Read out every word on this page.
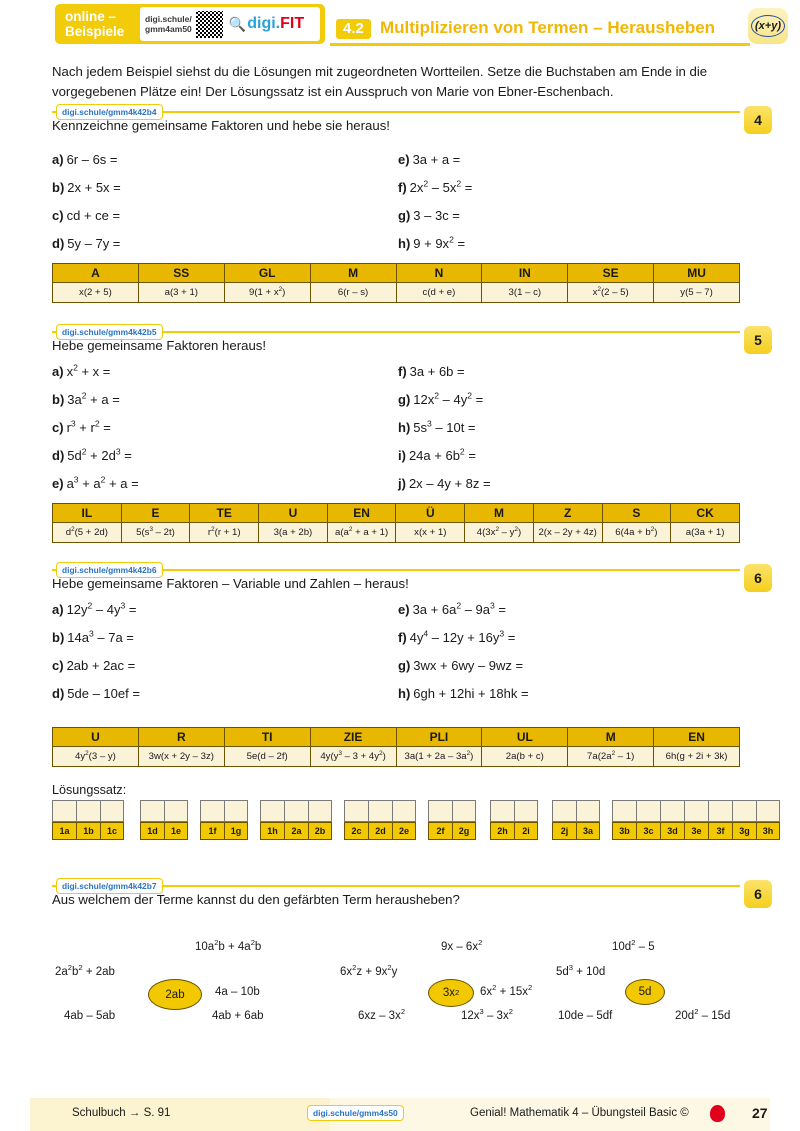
online –
Beispiele
digi.schule/
gmm4am50	🔍 digi. FIT	4.2 Multiplizieren von Termen – Herausheben	(x+y)
Nach jedem Beispiel siehst du die Lösungen mit zugeordneten Wortteilen. Setze die Buchstaben am Ende in die vorgegebenen Plätze ein! Der Lösungssatz ist ein Ausspruch von Marie von Ebner-Eschenbach.
digi.schule/gmm4k42b4
Kennzeichne gemeinsame Faktoren und hebe sie heraus!	4
a) 6r – 6s =
b) 2x + 5x =
c) cd + ce =
d) 5y – 7y =
e) 3a + a =
f) $2x^2 - 5x^2$ =
g) 3 – 3c =
h) $9 + 9x^2$ =
A	SS	GL	M	N	IN	SE	MU
x(2 + 5)	a(3 + 1)	$9(1 + x^2)$	6(r – s)	c(d + e)	3(1 – c)	$x^2(2 - 5)$	y(5 – 7)
digi.schule/gmm4k42b5
Hebe gemeinsame Faktoren heraus!	5
a) $x^2 + x$ =
b) $3a^2 + a$ =
c) $r^3 + r^2$ =
d) $5d^2 + 2d^3$ =
e) $a^3 + a^2 + a$ =
f) 3a + 6b =
g) $12x^2 - 4y^2$ =
h) $5s^3 - 10t$ =
i) $24a + 6b^2$ =
j) 2x – 4y + 8z =
IL	E	TE	U	EN	Ü	M	Z	S	CK
$d^2(5 + 2d)$	$5(s^3 - 2t)$	$r^2(r + 1)$	3(a + 2b)	$a(a^2 + a + 1)$	x(x + 1)	$4(3x^2 - y^2)$	2(x – 2y + 4z)	$6(4a + b^2)$	a(3a + 1)
digi.schule/gmm4k42b6
Hebe gemeinsame Faktoren – Variable und Zahlen – heraus!	6
a) $12y^2 - 4y^3$ =
b) $14a^3 - 7a$ =
c) 2ab + 2ac =
d) 5de – 10ef =
e) $3a + 6a^2 - 9a^3$ =
f) $4y^4 - 12y + 16y^3$ =
g) 3wx + 6wy – 9wz =
h) 6gh + 12hi + 18hk =
U	R	TI	ZIE	PLI	UL	M	EN
$4y^2(3 - y)$	3w(x + 2y – 3z)	5e(d – 2f)	$4y(y^3 - 3 + 4y^2)$	$3a(1 + 2a - 3a^2)$	2a(b + c)	$7a(2a^2 - 1)$	6h(g + 2i + 3k)
Lösungssatz:
1a	1b	1c	1d	1e	1f	1g	1h	2a	2b	2c	2d	2e	2f	2g	2h	2i	2j	3a	3b	3c	3d	3e	3f	3g	3h
digi.schule/gmm4k42b7
Aus welchem der Terme kannst du den gefärbten Term herausheben?	6
$10a^2b + 4a^2b$
$2a^2b^2 + 2ab$
4a – 10b
4ab – 5ab	4ab + 6ab
2ab
$9x - 6x^2$
$6x^2z + 9x^2y$
$6x^2 + 15x^2$
$6xz - 3x^2$	$12x^3 - 3x^2$
3x 2
$10d^2 - 5$
$5d^3 + 10d$
10de – 5df	$20d^2 - 15d$
5d
Schulbuch → S. 91	digi.schule/gmm4s50	Genial! Mathematik 4 – Übungsteil Basic ©	27
